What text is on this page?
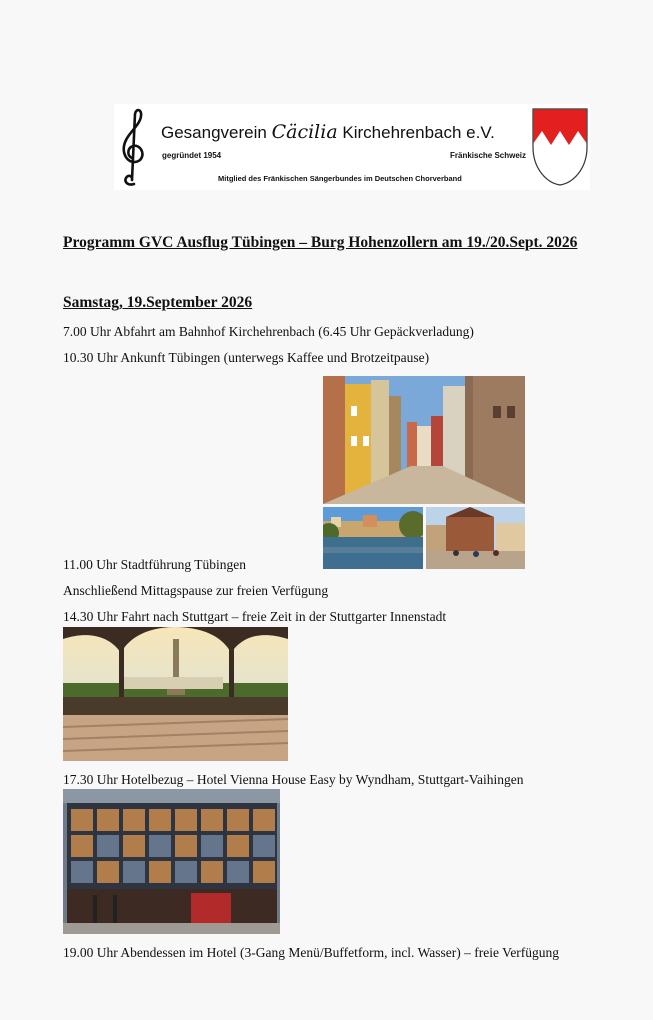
Gesangverein Cäcilia Kirchehrenbach e.V.
gegründet 1954	Fränkische Schweiz
Mitglied des Fränkischen Sängerbundes im Deutschen Chorverband
Programm GVC Ausflug Tübingen – Burg Hohenzollern am 19./20.Sept. 2026
Samstag, 19.September 2026
7.00 Uhr Abfahrt am Bahnhof Kirchehrenbach (6.45 Uhr Gepäckverladung)
10.30 Uhr Ankunft Tübingen (unterwegs Kaffee und Brotzeitpause)
11.00 Uhr Stadtführung Tübingen
Anschließend Mittagspause zur freien Verfügung
14.30 Uhr Fahrt nach Stuttgart – freie Zeit in der Stuttgarter Innenstadt
17.30 Uhr Hotelbezug – Hotel Vienna House Easy by Wyndham, Stuttgart-Vaihingen
19.00 Uhr Abendessen im Hotel (3-Gang Menü/Buffetform, incl. Wasser) – freie Verfügung
